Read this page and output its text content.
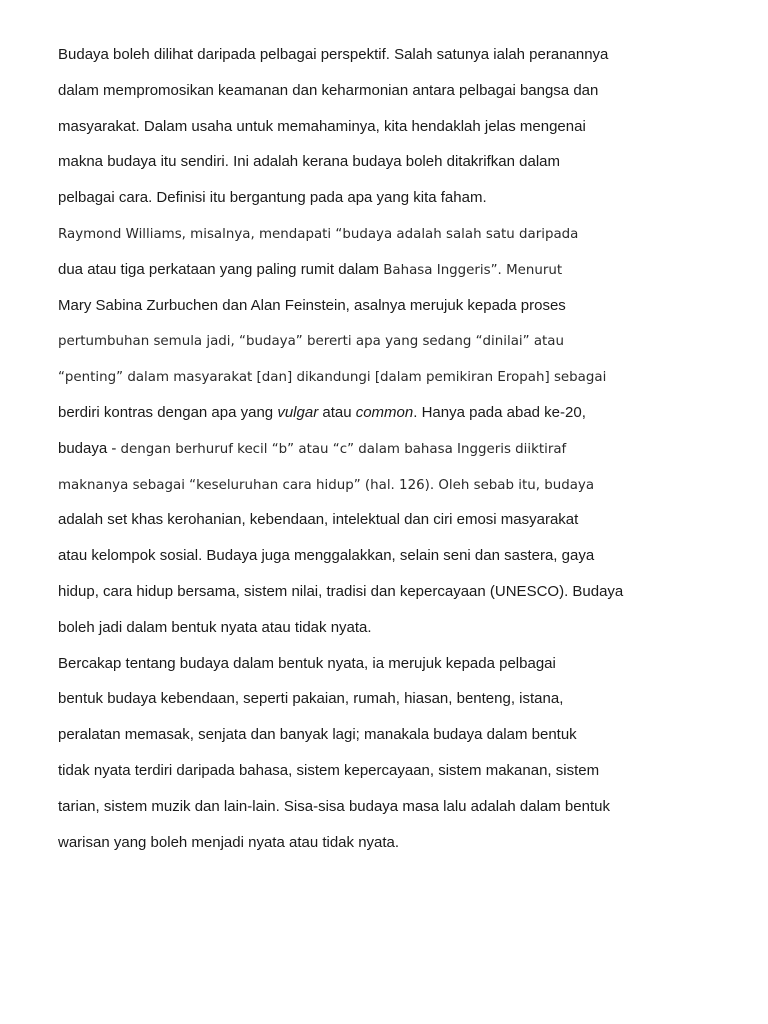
Budaya boleh dilihat daripada pelbagai perspektif. Salah satunya ialah peranannya
dalam mempromosikan keamanan dan keharmonian antara pelbagai bangsa dan
masyarakat. Dalam usaha untuk memahaminya, kita hendaklah jelas mengenai
makna budaya itu sendiri. Ini adalah kerana budaya boleh ditakrifkan dalam
pelbagai cara. Definisi itu bergantung pada apa yang kita faham.
Raymond Williams, misalnya, mendapati “budaya adalah salah satu daripada
dua atau tiga perkataan yang paling rumit dalam Bahasa Inggeris”. Menurut
Mary Sabina Zurbuchen dan Alan Feinstein, asalnya merujuk kepada proses
pertumbuhan semula jadi, “budaya” bererti apa yang sedang “dinilai” atau
“penting” dalam masyarakat [dan] dikandungi [dalam pemikiran Eropah] sebagai
berdiri kontras dengan apa yang vulgar atau common. Hanya pada abad ke-20,
budaya - dengan berhuruf kecil “b” atau “c” dalam bahasa Inggeris diiktiraf
maknanya sebagai “keseluruhan cara hidup” (hal. 126). Oleh sebab itu, budaya
adalah set khas kerohanian, kebendaan, intelektual dan ciri emosi masyarakat
atau kelompok sosial. Budaya juga menggalakkan, selain seni dan sastera, gaya
hidup, cara hidup bersama, sistem nilai, tradisi dan kepercayaan (UNESCO). Budaya
boleh jadi dalam bentuk nyata atau tidak nyata.
Bercakap tentang budaya dalam bentuk nyata, ia merujuk kepada pelbagai
bentuk budaya kebendaan, seperti pakaian, rumah, hiasan, benteng, istana,
peralatan memasak, senjata dan banyak lagi; manakala budaya dalam bentuk
tidak nyata terdiri daripada bahasa, sistem kepercayaan, sistem makanan, sistem
tarian, sistem muzik dan lain-lain. Sisa-sisa budaya masa lalu adalah dalam bentuk
warisan yang boleh menjadi nyata atau tidak nyata.
